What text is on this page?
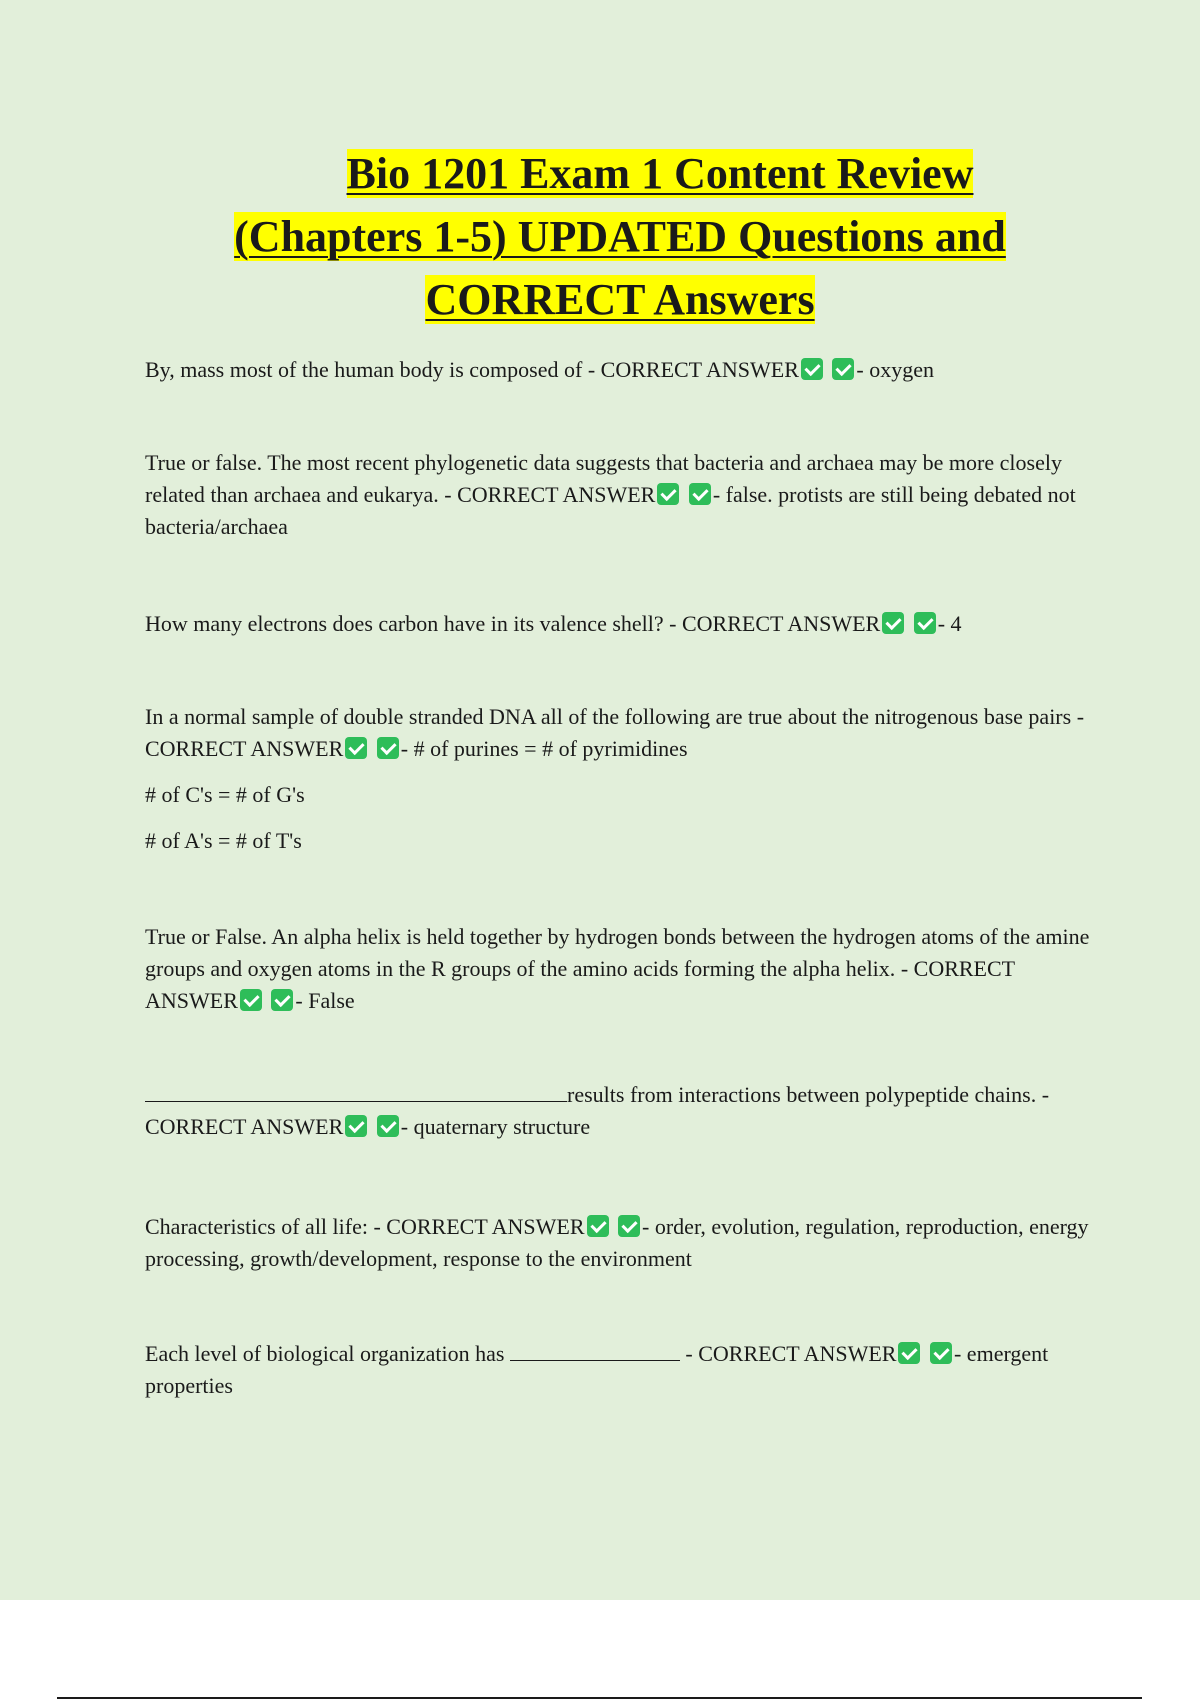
Bio 1201 Exam 1 Content Review
(Chapters 1-5) UPDATED Questions and
CORRECT Answers

By, mass most of the human body is composed of - CORRECT ANSWER	- oxygen

True or false. The most recent phylogenetic data suggests that bacteria and archaea may be more closely related than archaea and eukarya. - CORRECT ANSWER	- false. protists are still being debated not bacteria/archaea

How many electrons does carbon have in its valence shell? - CORRECT ANSWER	- 4

In a normal sample of double stranded DNA all of the following are true about the nitrogenous base pairs - CORRECT ANSWER	- # of purines = # of pyrimidines

# of C's = # of G's

# of A's = # of T's

True or False. An alpha helix is held together by hydrogen bonds between the hydrogen atoms of the amine groups and oxygen atoms in the R groups of the amino acids forming the alpha helix. - CORRECT ANSWER	- False

results from interactions between polypeptide chains. - CORRECT ANSWER	- quaternary structure

Characteristics of all life: - CORRECT ANSWER	- order, evolution, regulation, reproduction, energy processing, growth/development, response to the environment

Each level of biological organization has	- CORRECT ANSWER	- emergent properties
